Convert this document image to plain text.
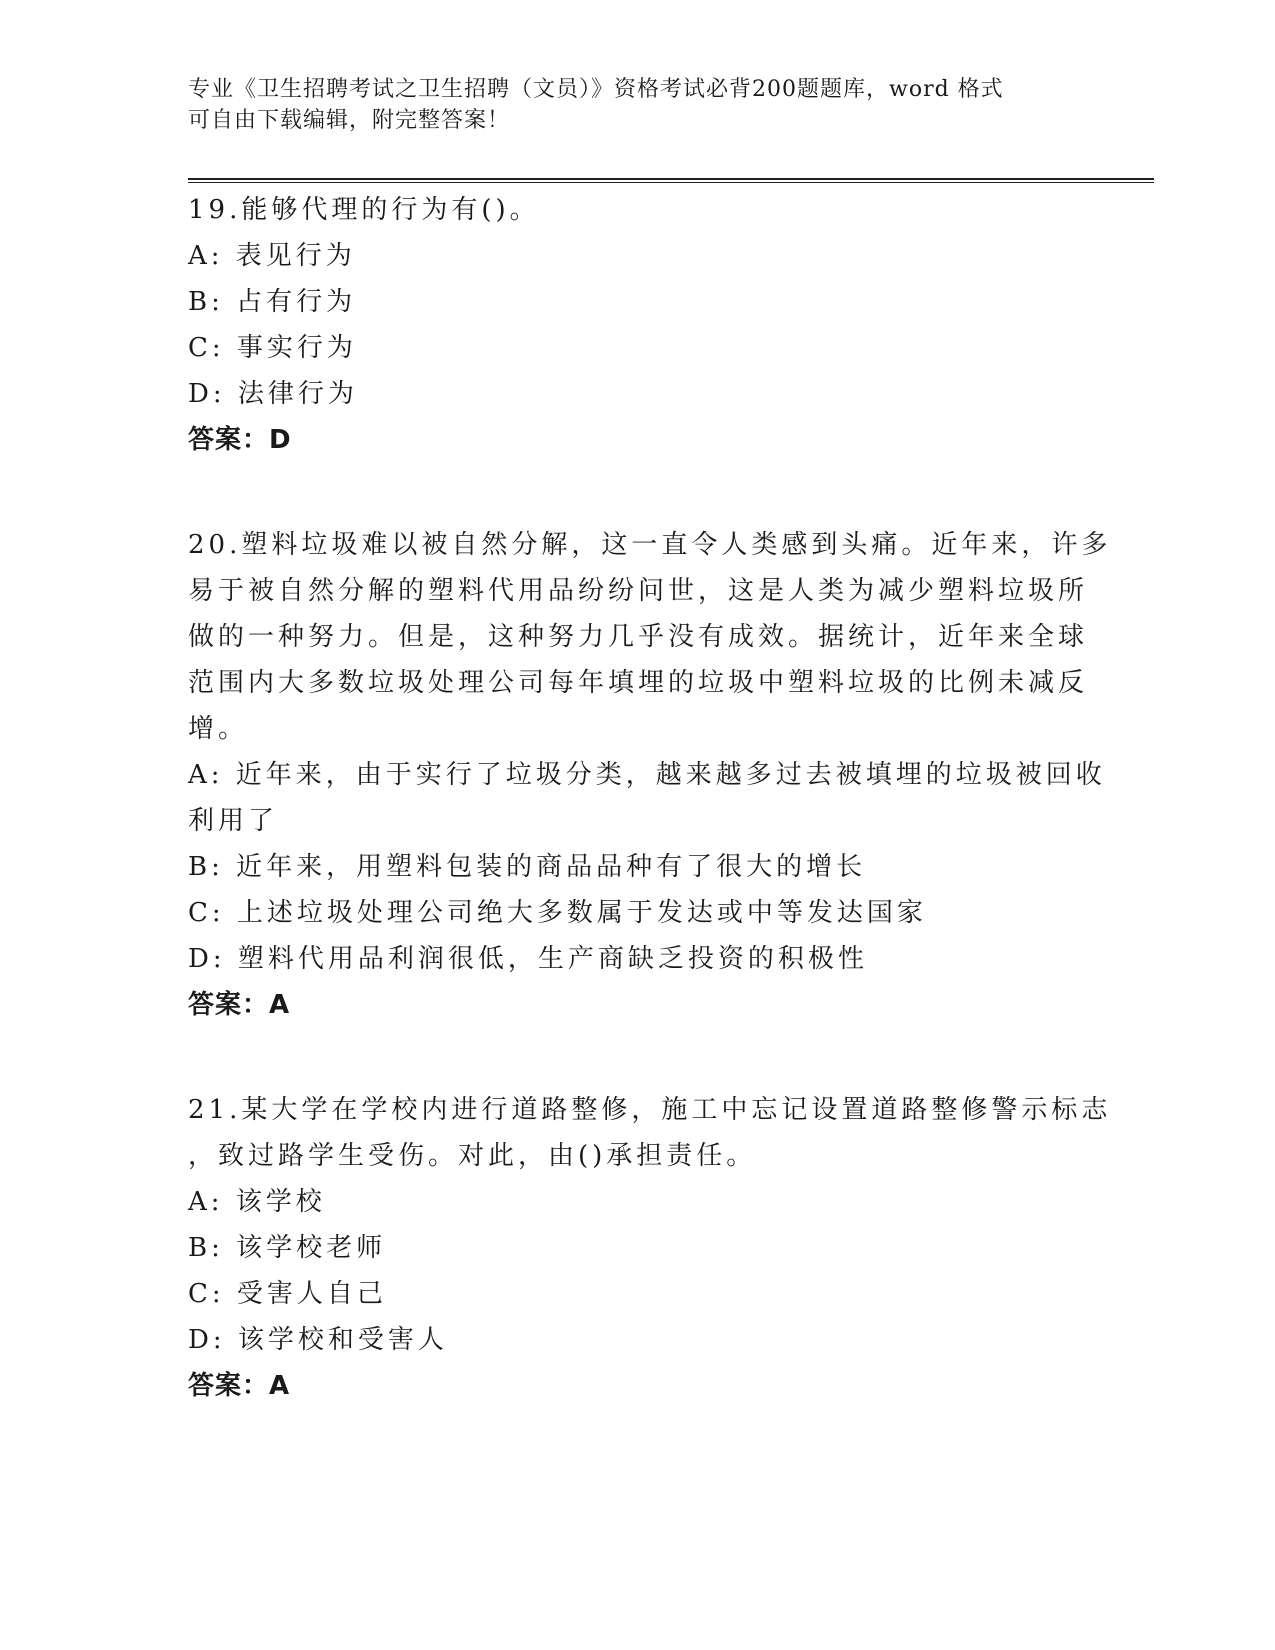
专业《卫生招聘考试之卫生招聘（文员）》资格考试必背200题题库，word 格式
可自由下载编辑，附完整答案！
19.能够代理的行为有()。
A: 表见行为
B: 占有行为
C: 事实行为
D: 法律行为
答案：D
20.塑料垃圾难以被自然分解，这一直令人类感到头痛。近年来，许多
易于被自然分解的塑料代用品纷纷问世，这是人类为减少塑料垃圾所
做的一种努力。但是，这种努力几乎没有成效。据统计，近年来全球
范围内大多数垃圾处理公司每年填埋的垃圾中塑料垃圾的比例未减反
增。
A: 近年来，由于实行了垃圾分类，越来越多过去被填埋的垃圾被回收
利用了
B: 近年来，用塑料包装的商品品种有了很大的增长
C: 上述垃圾处理公司绝大多数属于发达或中等发达国家
D: 塑料代用品利润很低，生产商缺乏投资的积极性
答案：A
21.某大学在学校内进行道路整修，施工中忘记设置道路整修警示标志
，致过路学生受伤。对此，由()承担责任。
A: 该学校
B: 该学校老师
C: 受害人自己
D: 该学校和受害人
答案：A
